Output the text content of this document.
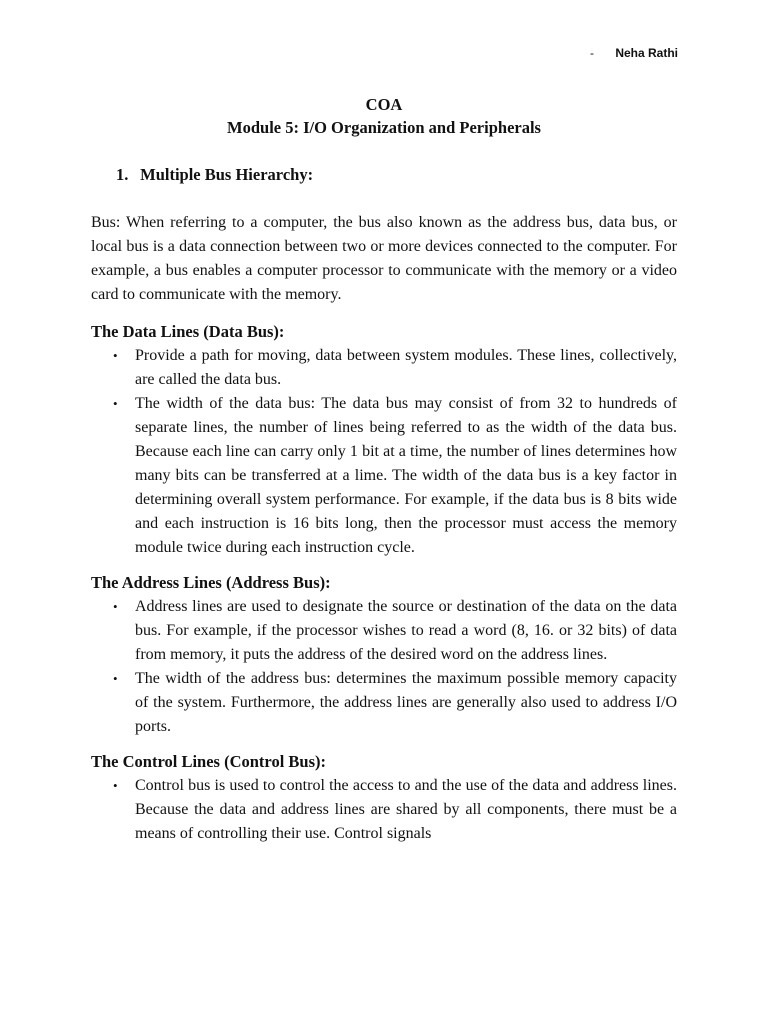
- Neha Rathi
COA
Module 5: I/O Organization and Peripherals
1. Multiple Bus Hierarchy:

Bus: When referring to a computer, the bus also known as the address bus, data bus, or local bus is a data connection between two or more devices connected to the computer. For example, a bus enables a computer processor to communicate with the memory or a video card to communicate with the memory.

The Data Lines (Data Bus):
• Provide a path for moving, data between system modules. These lines, collectively, are called the data bus.
• The width of the data bus: The data bus may consist of from 32 to hundreds of separate lines, the number of lines being referred to as the width of the data bus. Because each line can carry only 1 bit at a time, the number of lines determines how many bits can be transferred at a lime. The width of the data bus is a key factor in determining overall system performance. For example, if the data bus is 8 bits wide and each instruction is 16 bits long, then the processor must access the memory module twice during each instruction cycle.
The Address Lines (Address Bus):
• Address lines are used to designate the source or destination of the data on the data bus. For example, if the processor wishes to read a word (8, 16. or 32 bits) of data from memory, it puts the address of the desired word on the address lines.
• The width of the address bus: determines the maximum possible memory capacity of the system. Furthermore, the address lines are generally also used to address I/O ports.
The Control Lines (Control Bus):
• Control bus is used to control the access to and the use of the data and address lines. Because the data and address lines are shared by all components, there must be a means of controlling their use. Control signals
